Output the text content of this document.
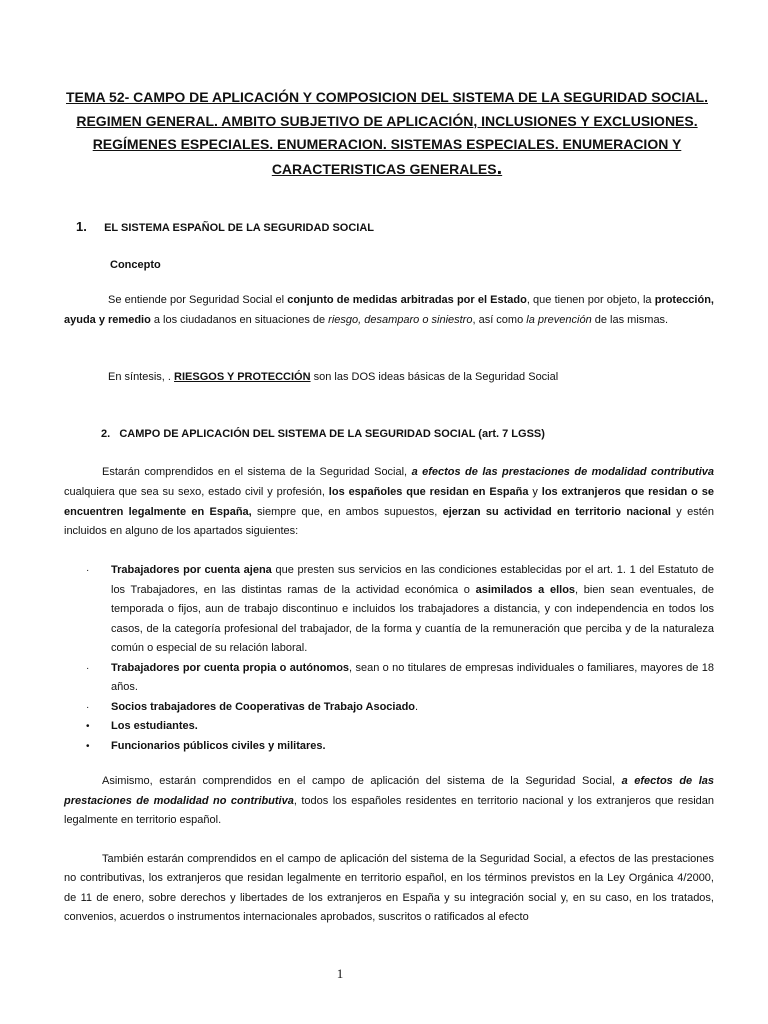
TEMA 52- CAMPO DE APLICACIÓN Y COMPOSICION DEL SISTEMA DE LA SEGURIDAD SOCIAL. REGIMEN GENERAL. AMBITO SUBJETIVO DE APLICACIÓN, INCLUSIONES Y EXCLUSIONES. REGÍMENES ESPECIALES. ENUMERACION. SISTEMAS ESPECIALES. ENUMERACION Y CARACTERISTICAS GENERALES.
1. EL SISTEMA ESPAÑOL DE LA SEGURIDAD SOCIAL
Concepto

Se entiende por Seguridad Social el conjunto de medidas arbitradas por el Estado, que tienen por objeto, la protección, ayuda y remedio a los ciudadanos en situaciones de riesgo, desamparo o siniestro, así como la prevención de las mismas.

En síntesis, . RIESGOS Y PROTECCIÓN son las DOS ideas básicas de la Seguridad Social

2.   CAMPO DE APLICACIÓN DEL SISTEMA DE LA SEGURIDAD SOCIAL (art. 7 LGSS)

Estarán comprendidos en el sistema de la Seguridad Social, a efectos de las prestaciones de modalidad contributiva cualquiera que sea su sexo, estado civil y profesión, los españoles que residan en España y los extranjeros que residan o se encuentren legalmente en España, siempre que, en ambos supuestos, ejerzan su actividad en territorio nacional y estén incluidos en alguno de los apartados siguientes:

· Trabajadores por cuenta ajena que presten sus servicios en las condiciones establecidas por el art. 1. 1 del Estatuto de los Trabajadores, en las distintas ramas de la actividad económica o asimilados a ellos, bien sean eventuales, de temporada o fijos, aun de trabajo discontinuo e incluidos los trabajadores a distancia, y con independencia en todos los casos, de la categoría profesional del trabajador, de la forma y cuantía de la remuneración que perciba y de la naturaleza común o especial de su relación laboral.
· Trabajadores por cuenta propia o autónomos, sean o no titulares de empresas individuales o familiares, mayores de 18 años.
· Socios trabajadores de Cooperativas de Trabajo Asociado.
• Los estudiantes.
• Funcionarios públicos civiles y militares.

Asimismo, estarán comprendidos en el campo de aplicación del sistema de la Seguridad Social, a efectos de las prestaciones de modalidad no contributiva, todos los españoles residentes en territorio nacional y los extranjeros que residan legalmente en territorio español.

También estarán comprendidos en el campo de aplicación del sistema de la Seguridad Social, a efectos de las prestaciones no contributivas, los extranjeros que residan legalmente en territorio español, en los términos previstos en la Ley Orgánica 4/2000, de 11 de enero, sobre derechos y libertades de los extranjeros en España y su integración social y, en su caso, en los tratados, convenios, acuerdos o instrumentos internacionales aprobados, suscritos o ratificados al efecto

1
